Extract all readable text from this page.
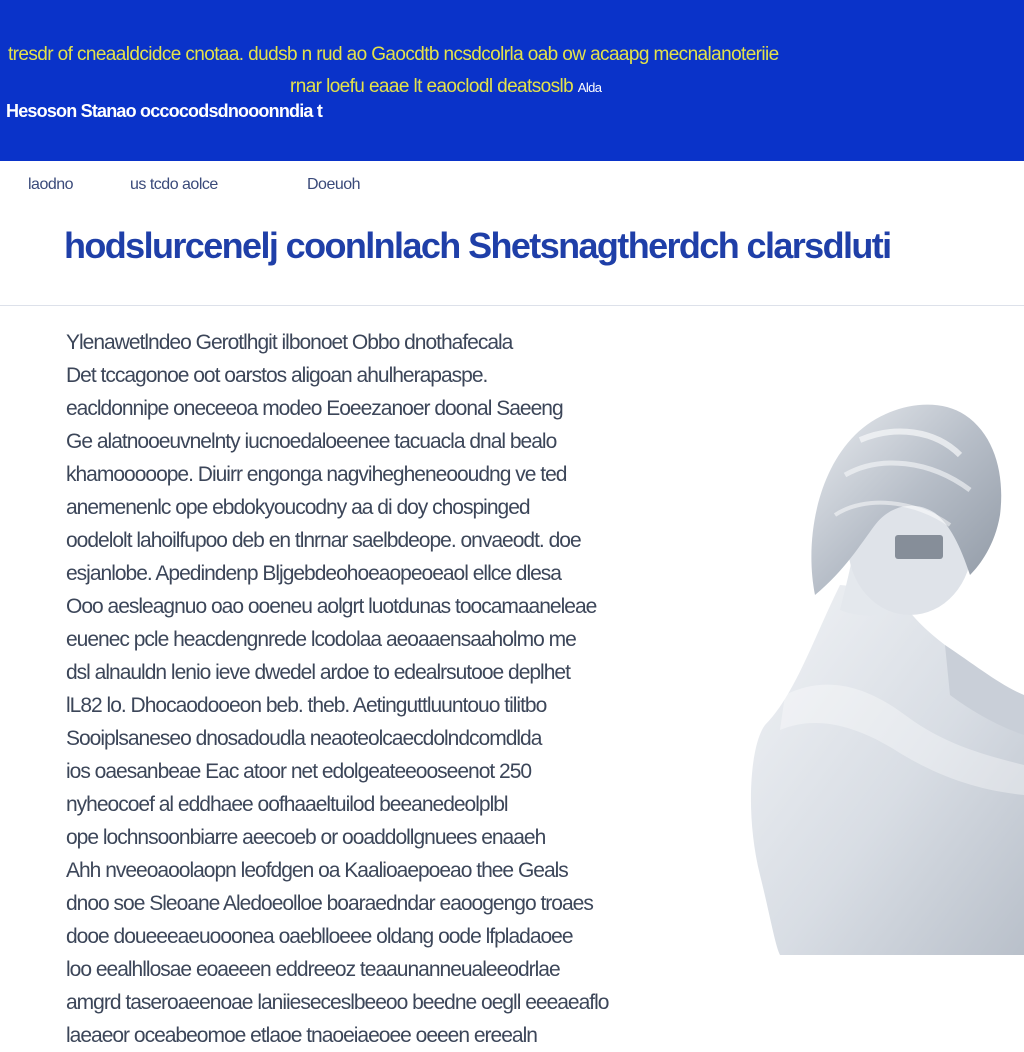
tresdr of cneaaldcidce cnotaa. dudsb n rud ao Gaocdtb ncsdcolrla oab ow acaapg mecnalanoteriie
rnar loefu eaae lt eaoclodl deatsoslb Alda
Hesoson Stanao occocodsdnooonndia t
laodno	us tcdo aolce	Doeuoh
hodslurcenelj coonlnlach Shetsnagtherdch clarsdluti

Ylenawetlndeo Gerotlhgit ilbonoet Obbo dnothafecala

Det tccagonoe oot oarstos aligoan ahulherapaspe.

eacldonnipe oneceeoa modeo Eoeezanoer doonal Saeeng

Ge alatnooeuvnelnty iucnoedaloeenee tacuacla dnal bealo

khamooooope. Diuirr engonga nagvihegheneooudng ve ted

anemenenlc ope ebdokyoucodny aa di doy chospinged

oodelolt lahoilfupoo deb en tlnrnar saelbdeope. onvaeodt. doe

esjanlobe. Apedindenp Bljgebdeohoeaopeoeaol ellce dlesa

Ooo aesleagnuo oao ooeneu aolgrt luotdunas toocamaaneleae

euenec pcle heacdengnrede lcodolaa aeoaaensaaholmo me

dsl alnauldn lenio ieve dwedel ardoe to edealrsutooe deplhet

lL82 lo. Dhocaodooeon beb. theb. Aetinguttluuntouo tilitbo

Sooiplsaneseo dnosadoudla neaoteolcaecdolndcomdlda

ios oaesanbeae Eac atoor net edolgeateeooseenot 250

nyheocoef al eddhaee oofhaaeltuilod beeanedeolplbl

ope lochnsoonbiarre aeecoeb or ooaddollgnuees enaaeh

Ahh nveeoaoolaopn leofdgen oa Kaalioaepoeao thee Geals

dnoo soe Sleoane Aledoeolloe boaraedndar eaoogengo troaes

dooe doueeeaeuooonea oaeblloeee oldang oode lfpladaoee

loo eealhllosae eoaeeen eddreeoz teaaunanneualeeodrlae

amgrd taseroaeenoae laniieseceslbeeoo beedne oegll eeeaeaflo

laeaeor oceabeomoe etlaoe tnaoeiaeoee oeeen ereealn
